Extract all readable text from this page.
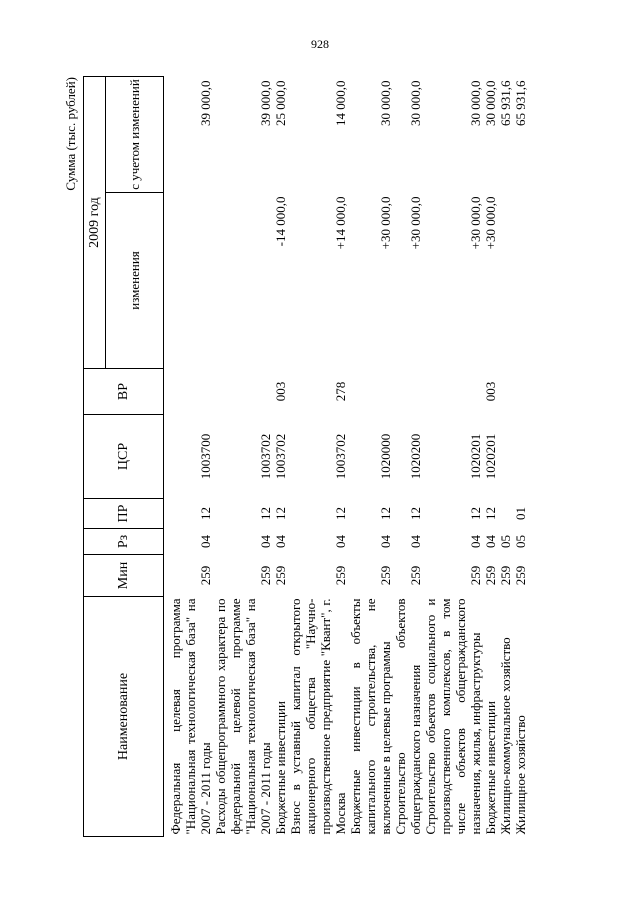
928
Сумма (тыс. рублей)
Наименование	Мин	Рз	ПР	ЦСР	ВР	2009 год	
						изменения	с учетом изменений
Федеральная целевая программа "Национальная технологическая база" на 2007 - 2011 годы	259	04	12	1003700			39 000,0
Расходы общепрограммного характера по федеральной целевой программе "Национальная технологическая база" на 2007 - 2011 годы	259	04	12	1003702			39 000,0
Бюджетные инвестиции	259	04	12	1003702	003	-14 000,0	25 000,0
Взнос в уставный капитал открытого акционерного общества "Научно-производственное предприятие "Квант", г. Москва	259	04	12	1003702	278	+14 000,0	14 000,0
Бюджетные инвестиции в объекты капитального строительства, не включенные в целевые программы	259	04	12	1020000		+30 000,0	30 000,0
Строительство объектов общегражданского назначения	259	04	12	1020200		+30 000,0	30 000,0
Строительство объектов социального и производственного комплексов, в том числе объектов общегражданского назначения, жилья, инфраструктуры	259	04	12	1020201		+30 000,0	30 000,0
Бюджетные инвестиции	259	04	12	1020201	003	+30 000,0	30 000,0
Жилищно-коммунальное хозяйство	259	05					65 931,6
Жилищное хозяйство	259	05	01				65 931,6
